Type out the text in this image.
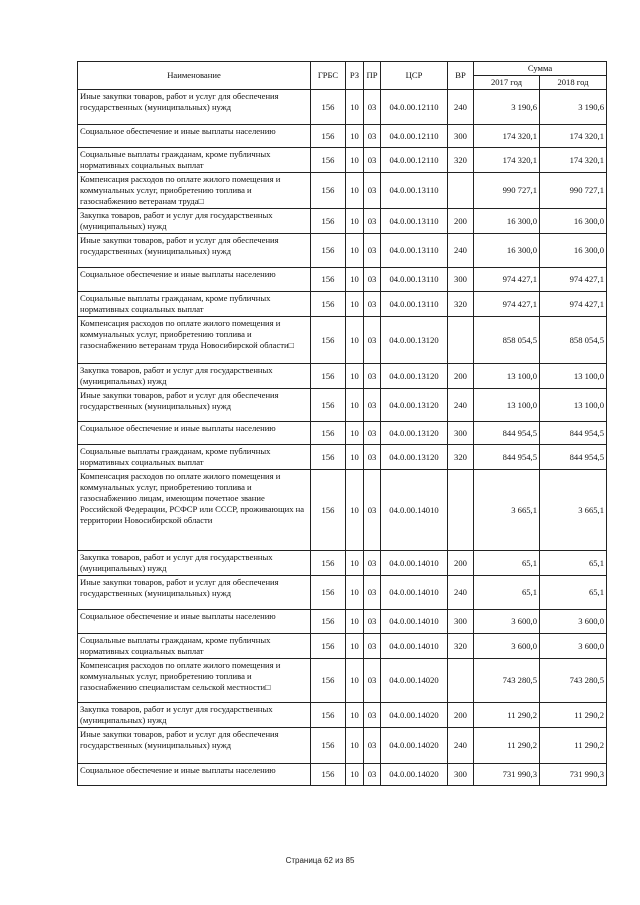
Наименование	ГРБС	РЗ	ПР	ЦСР	ВР	Сумма	
						2017 год	2018 год
Иные закупки товаров, работ и услуг для обеспечения государственных (муниципальных) нужд	156	10	03	04.0.00.12110	240	3 190,6	3 190,6
Социальное обеспечение и иные выплаты населению	156	10	03	04.0.00.12110	300	174 320,1	174 320,1
Социальные выплаты гражданам, кроме публичных нормативных социальных выплат	156	10	03	04.0.00.12110	320	174 320,1	174 320,1
Компенсация расходов по оплате жилого помещения и коммунальных услуг, приобретению топлива и газоснабжению ветеранам труда□	156	10	03	04.0.00.13110		990 727,1	990 727,1
Закупка товаров, работ и услуг для государственных (муниципальных) нужд	156	10	03	04.0.00.13110	200	16 300,0	16 300,0
Иные закупки товаров, работ и услуг для обеспечения государственных (муниципальных) нужд	156	10	03	04.0.00.13110	240	16 300,0	16 300,0
Социальное обеспечение и иные выплаты населению	156	10	03	04.0.00.13110	300	974 427,1	974 427,1
Социальные выплаты гражданам, кроме публичных нормативных социальных выплат	156	10	03	04.0.00.13110	320	974 427,1	974 427,1
Компенсация расходов по оплате жилого помещения и коммунальных услуг, приобретению топлива и газоснабжению ветеранам труда Новосибирской области□	156	10	03	04.0.00.13120		858 054,5	858 054,5
Закупка товаров, работ и услуг для государственных (муниципальных) нужд	156	10	03	04.0.00.13120	200	13 100,0	13 100,0
Иные закупки товаров, работ и услуг для обеспечения государственных (муниципальных) нужд	156	10	03	04.0.00.13120	240	13 100,0	13 100,0
Социальное обеспечение и иные выплаты населению	156	10	03	04.0.00.13120	300	844 954,5	844 954,5
Социальные выплаты гражданам, кроме публичных нормативных социальных выплат	156	10	03	04.0.00.13120	320	844 954,5	844 954,5
Компенсация расходов по оплате жилого помещения и коммунальных услуг, приобретению топлива и газоснабжению лицам, имеющим почетное звание Российской Федерации, РСФСР или СССР, проживающих на территории Новосибирской области	156	10	03	04.0.00.14010		3 665,1	3 665,1
Закупка товаров, работ и услуг для государственных (муниципальных) нужд	156	10	03	04.0.00.14010	200	65,1	65,1
Иные закупки товаров, работ и услуг для обеспечения государственных (муниципальных) нужд	156	10	03	04.0.00.14010	240	65,1	65,1
Социальное обеспечение и иные выплаты населению	156	10	03	04.0.00.14010	300	3 600,0	3 600,0
Социальные выплаты гражданам, кроме публичных нормативных социальных выплат	156	10	03	04.0.00.14010	320	3 600,0	3 600,0
Компенсация расходов по оплате жилого помещения и коммунальных услуг, приобретению топлива и газоснабжению специалистам сельской местности□	156	10	03	04.0.00.14020		743 280,5	743 280,5
Закупка товаров, работ и услуг для государственных (муниципальных) нужд	156	10	03	04.0.00.14020	200	11 290,2	11 290,2
Иные закупки товаров, работ и услуг для обеспечения государственных (муниципальных) нужд	156	10	03	04.0.00.14020	240	11 290,2	11 290,2
Социальное обеспечение и иные выплаты населению	156	10	03	04.0.00.14020	300	731 990,3	731 990,3
Страница 62 из 85
